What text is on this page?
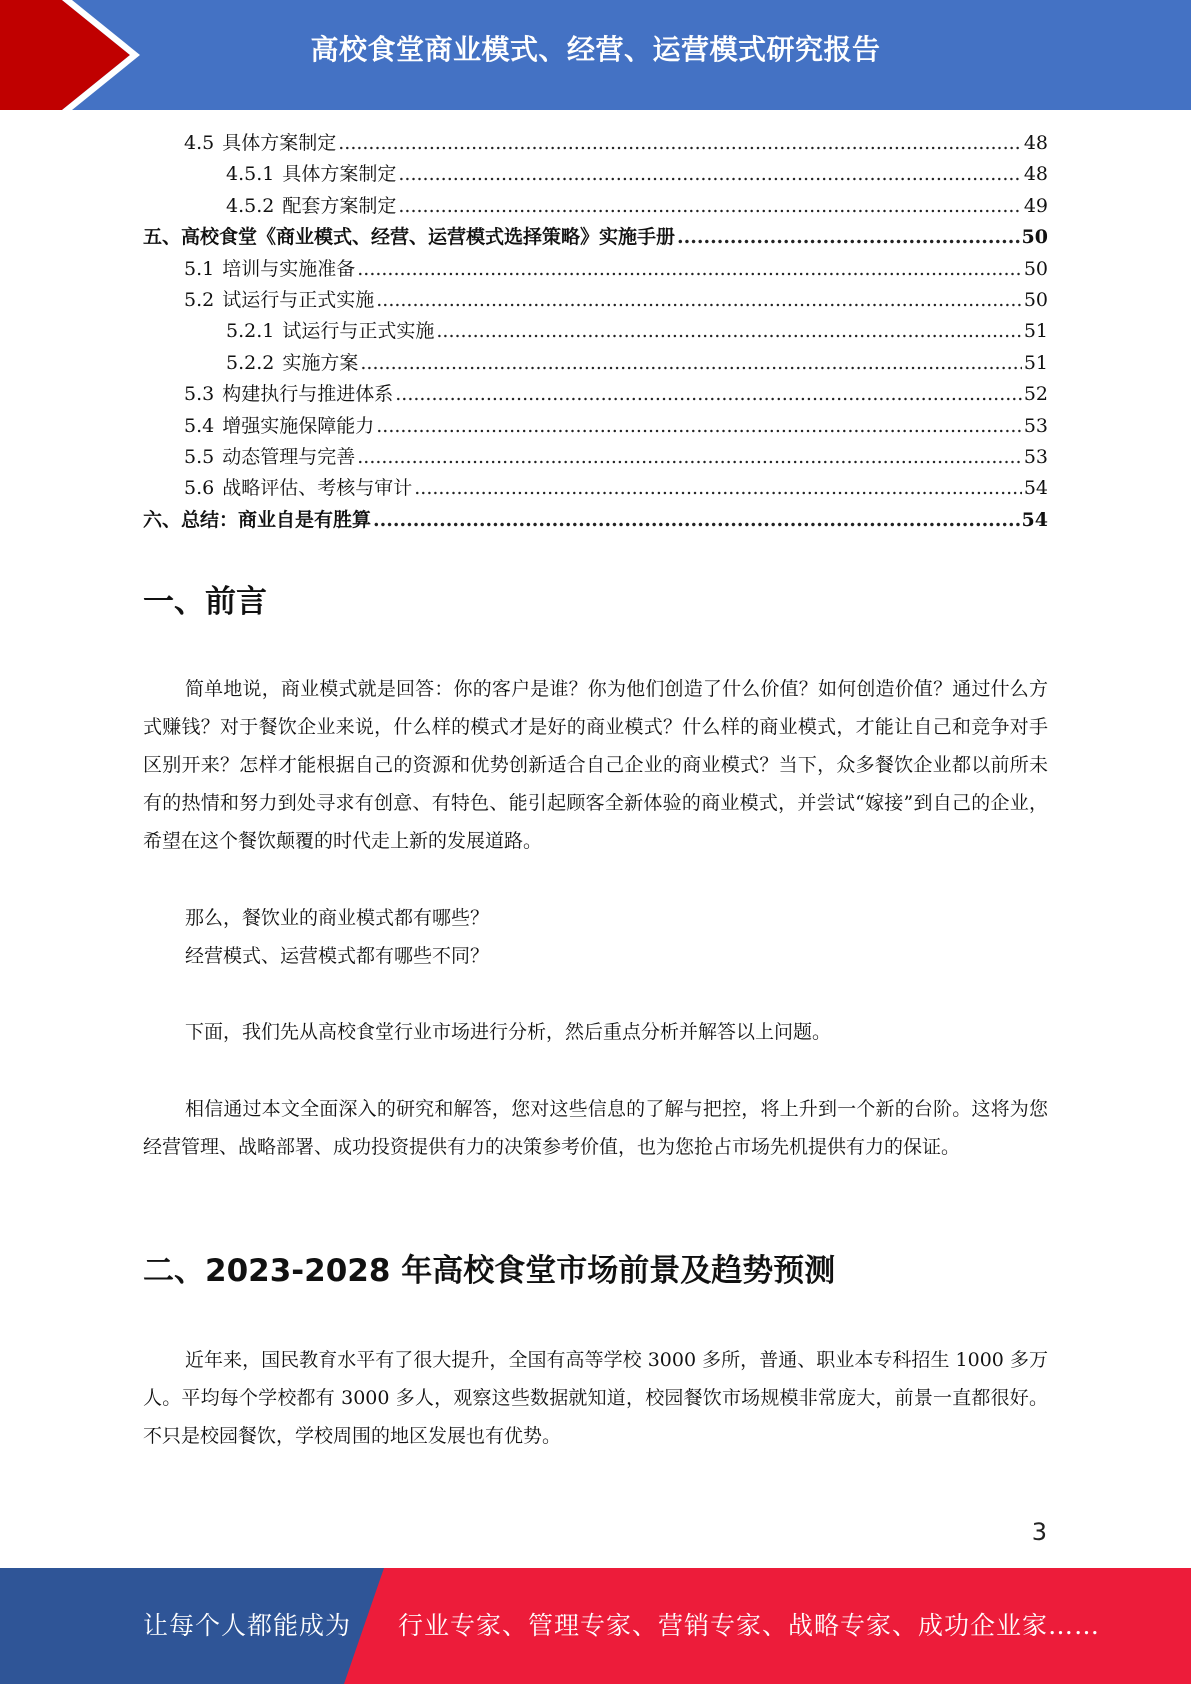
高校食堂商业模式、经营、运营模式研究报告
4.5 具体方案制定 .....	48
4.5.1 具体方案制定 .....	48
4.5.2 配套方案制定 .....	49
五、高校食堂《商业模式、经营、运营模式选择策略》实施手册 .....	50
5.1 培训与实施准备 .....	50
5.2 试运行与正式实施 .....	50
5.2.1 试运行与正式实施 .....	51
5.2.2 实施方案 .....	51
5.3 构建执行与推进体系 .....	52
5.4 增强实施保障能力 .....	53
5.5 动态管理与完善 .....	53
5.6 战略评估、考核与审计 .....	54
六、总结：商业自是有胜算 .....	54
一、前言

简单地说，商业模式就是回答：你的客户是谁？你为他们创造了什么价值？如何创造价值？通过什么方式赚钱？对于餐饮企业来说，什么样的模式才是好的商业模式？什么样的商业模式，才能让自己和竞争对手区别开来？怎样才能根据自己的资源和优势创新适合自己企业的商业模式？当下，众多餐饮企业都以前所未有的热情和努力到处寻求有创意、有特色、能引起顾客全新体验的商业模式，并尝试“嫁接”到自己的企业，希望在这个餐饮颠覆的时代走上新的发展道路。

那么，餐饮业的商业模式都有哪些？

经营模式、运营模式都有哪些不同？

下面，我们先从高校食堂行业市场进行分析，然后重点分析并解答以上问题。

相信通过本文全面深入的研究和解答，您对这些信息的了解与把控，将上升到一个新的台阶。这将为您经营管理、战略部署、成功投资提供有力的决策参考价值，也为您抢占市场先机提供有力的保证。

二、2023-2028 年高校食堂市场前景及趋势预测

近年来，国民教育水平有了很大提升，全国有高等学校 3000 多所，普通、职业本专科招生 1000 多万人。平均每个学校都有 3000 多人，观察这些数据就知道，校园餐饮市场规模非常庞大，前景一直都很好。不只是校园餐饮，学校周围的地区发展也有优势。

3
让每个人都能成为 行业专家、管理专家、营销专家、战略专家、成功企业家……
